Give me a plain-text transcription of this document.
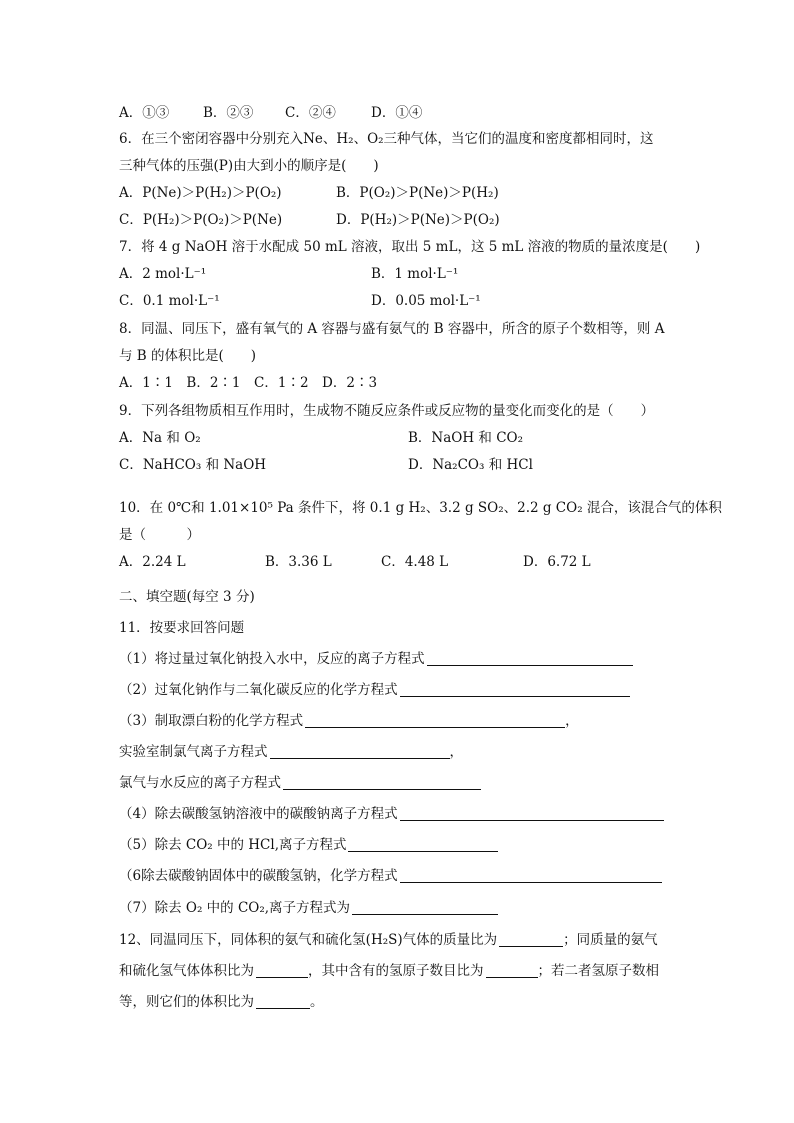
A．①③	B．②③ C．②④	D．①④
6．在三个密闭容器中分别充入Ne、H₂、O₂三种气体，当它们的温度和密度都相同时，这
三种气体的压强(P)由大到小的顺序是(　　)
A．P(Ne)＞P(H₂)＞P(O₂)	B．P(O₂)＞P(Ne)＞P(H₂)
C．P(H₂)＞P(O₂)＞P(Ne)	D．P(H₂)＞P(Ne)＞P(O₂)
7．将 4 g NaOH 溶于水配成 50 mL 溶液，取出 5 mL，这 5 mL 溶液的物质的量浓度是(　　)
A．2 mol·L⁻¹	B．1 mol·L⁻¹
C．0.1 mol·L⁻¹	D．0.05 mol·L⁻¹
8．同温、同压下，盛有氧气的 A 容器与盛有氨气的 B 容器中，所含的原子个数相等，则 A
与 B 的体积比是(　　)
A．1∶1　B．2∶1　C．1∶2　D．2∶3
9．下列各组物质相互作用时，生成物不随反应条件或反应物的量变化而变化的是（　　）
A．Na 和 O₂	B．NaOH 和 CO₂
C．NaHCO₃ 和 NaOH	D．Na₂CO₃ 和 HCl
10．在 0℃和 1.01×10⁵ Pa 条件下，将 0.1 g H₂、3.2 g SO₂、2.2 g CO₂ 混合，该混合气的体积
是（　　　）
A．2.24 L	B．3.36 L	C．4.48 L	D．6.72 L
二、填空题(每空 3 分)
11．按要求回答问题
（1）将过量过氧化钠投入水中，反应的离子方程式
（2）过氧化钠作与二氧化碳反应的化学方程式
（3）制取漂白粉的化学方程式	，
实验室制氯气离子方程式	，
氯气与水反应的离子方程式
（4）除去碳酸氢钠溶液中的碳酸钠离子方程式
（5）除去 CO₂ 中的 HCl,离子方程式
（6除去碳酸钠固体中的碳酸氢钠，化学方程式
（7）除去 O₂ 中的 CO₂,离子方程式为
12、同温同压下，同体积的氨气和硫化氢(H₂S)气体的质量比为	；同质量的氨气
和硫化氢气体体积比为	，其中含有的氢原子数目比为	；若二者氢原子数相
等，则它们的体积比为	。
